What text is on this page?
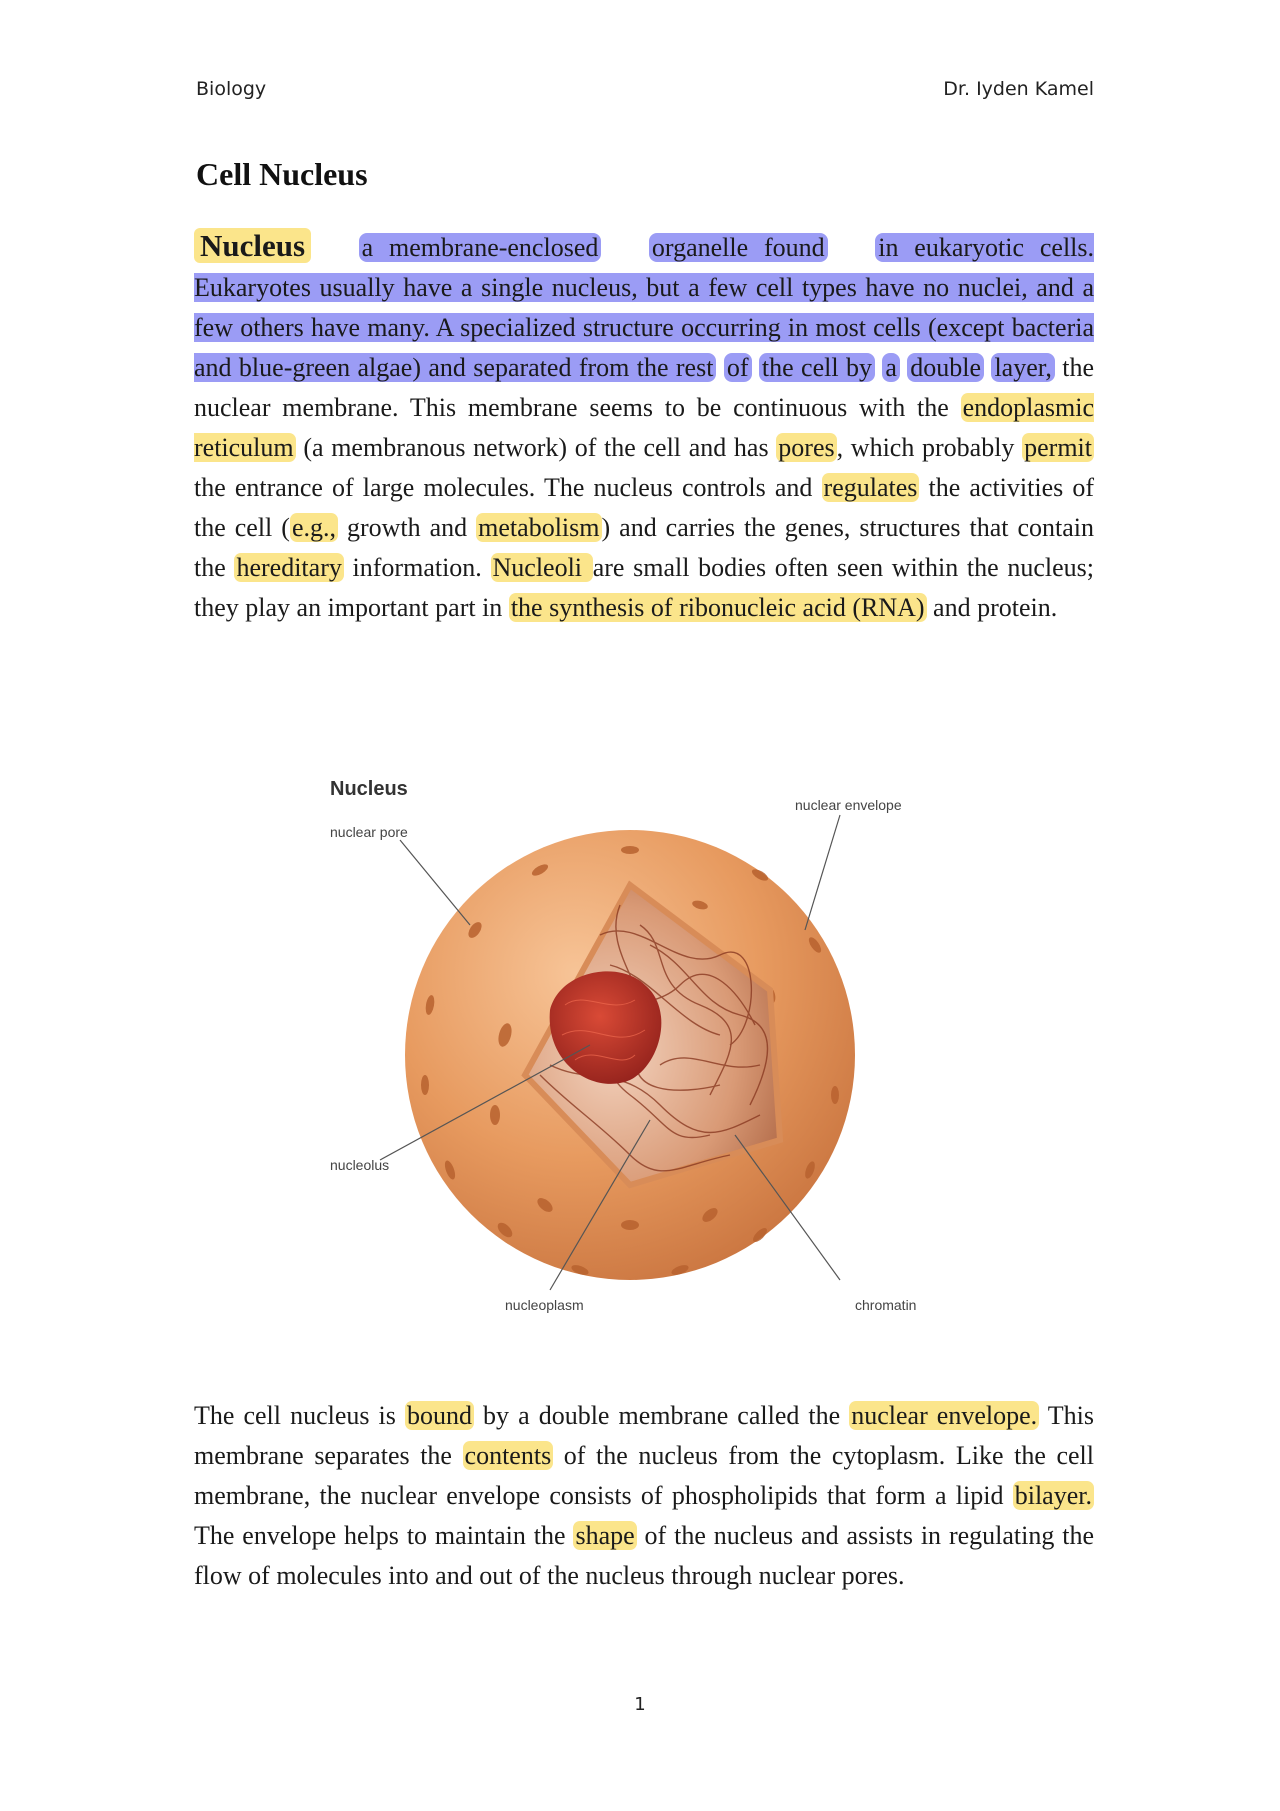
Biology	Dr. Iyden Kamel
Cell Nucleus
Nucleus a membrane-enclosed organelle found in eukaryotic cells. Eukaryotes usually have a single nucleus, but a few cell types have no nuclei, and a few others have many. A specialized structure occurring in most cells (except bacteria and blue-green algae) and separated from the rest of the cell by a double layer, the nuclear membrane. This membrane seems to be continuous with the endoplasmic reticulum (a membranous network) of the cell and has pores, which probably permit the entrance of large molecules. The nucleus controls and regulates the activities of the cell (e.g., growth and metabolism) and carries the genes, structures that contain the hereditary information. Nucleoli are small bodies often seen within the nucleus; they play an important part in the synthesis of ribonucleic acid (RNA) and protein.
Nucleus
nuclear pore
nuclear envelope
nucleolus
nucleoplasm	chromatin
The cell nucleus is bound by a double membrane called the nuclear envelope. This membrane separates the contents of the nucleus from the cytoplasm. Like the cell membrane, the nuclear envelope consists of phospholipids that form a lipid bilayer. The envelope helps to maintain the shape of the nucleus and assists in regulating the flow of molecules into and out of the nucleus through nuclear pores.
1
